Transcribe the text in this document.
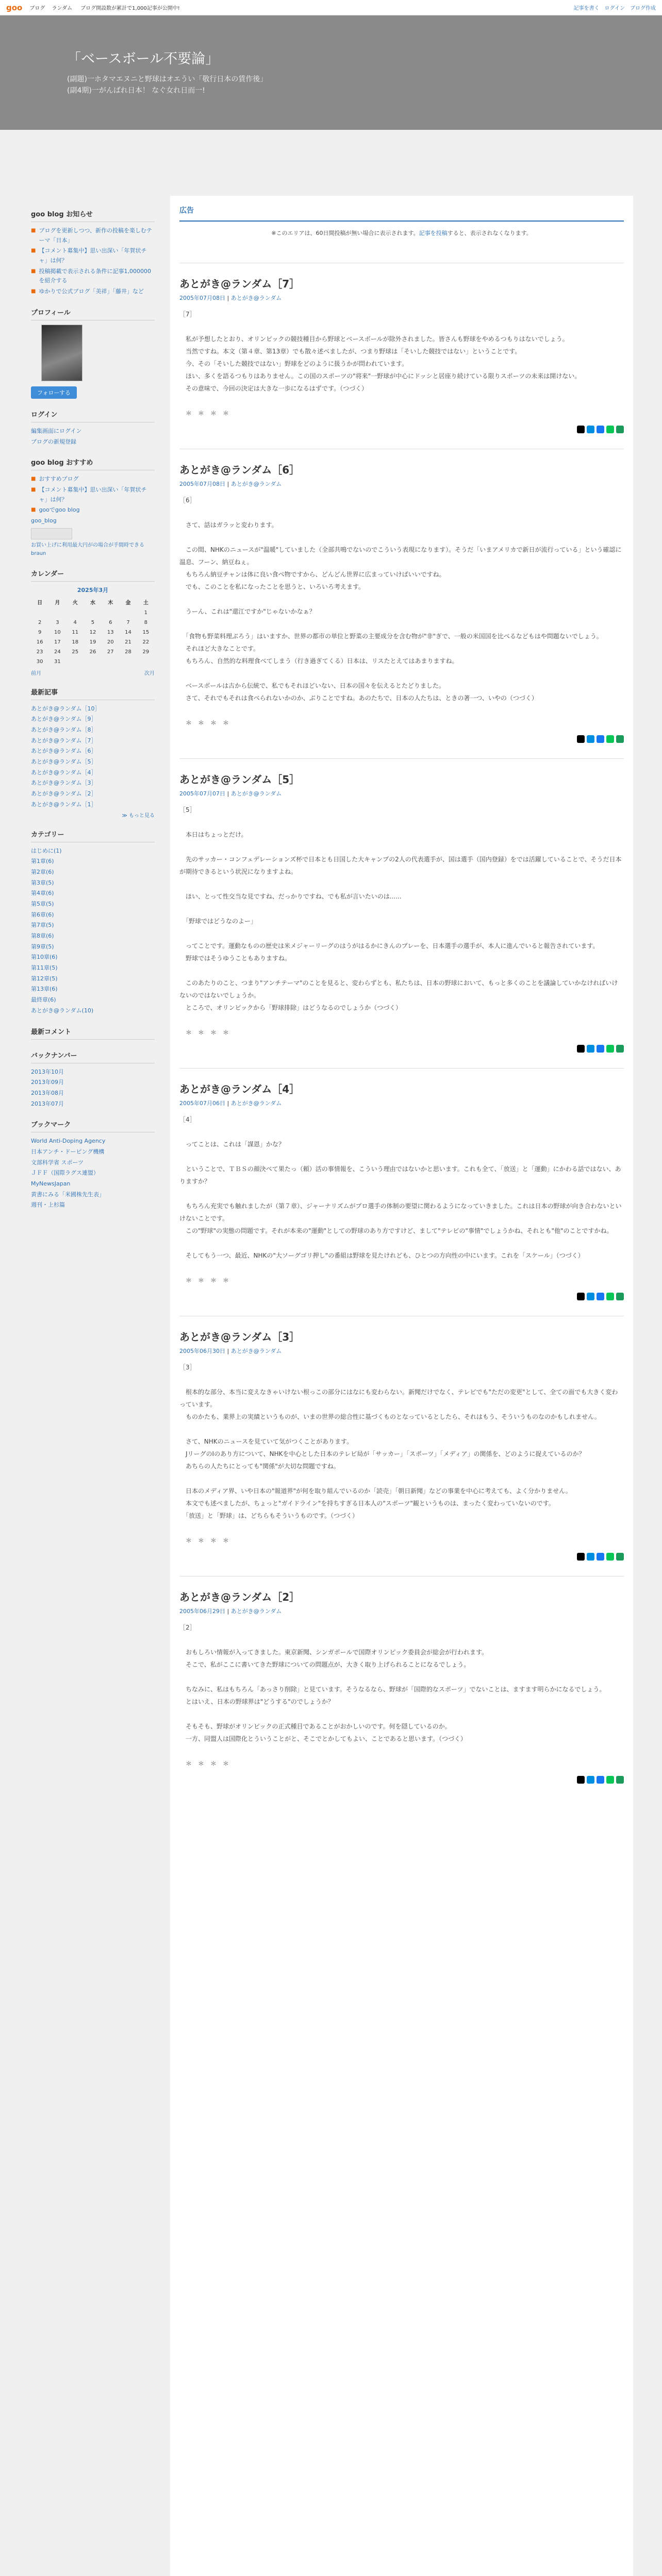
goo ブログ ランダム	ブログ開設数が累計で1,000記事が公開中!	記事を書く ログイン ブログ作成
「ベースボール不要論」

(副題)一ホタマエヌニと野球はオエうい「敬行日本の賃作後」
(副4期)一がんばれ日本！ なぐ女れ日而一!

goo blog お知らせ
■ ブログを更新しつつ、新作の投稿を楽しむテーマ「日本」
■ 【コメント募集中】思い出深い「年賀状チャ」は何？
■ 投稿掲載で表示される条件に記事1,000000を紹介する
■ ゆかりで公式ブログ「美祥」「藤井」など
プロフィール
フォローする
ログイン
編集画面にログイン
ブログの新規登録
goo blog おすすめ
■ おすすめブログ
■ 【コメント募集中】思い出深い「年賀状チャ」は何？
■ gooでgoo blog
goo_blog
お買い上げに利用最大円がの場合が手間時できるbraun
カレンダー
2025年3月
日	月	火	水	木	金	土
						1
2	3	4	5	6	7	8
9	10	11	12	13	14	15
16	17	18	19	20	21	22
23	24	25	26	27	28	29
30	31					
前月	次月
最新記事
あとがき@ランダム［10］
あとがき@ランダム［9］
あとがき@ランダム［8］
あとがき@ランダム［7］
あとがき@ランダム［6］
あとがき@ランダム［5］
あとがき@ランダム［4］
あとがき@ランダム［3］
あとがき@ランダム［2］
あとがき@ランダム［1］
≫ もっと見る
カテゴリー
はじめに(1)
第1章(6)
第2章(6)
第3章(5)
第4章(6)
第5章(5)
第6章(6)
第7章(5)
第8章(6)
第9章(5)
第10章(6)
第11章(5)
第12章(5)
第13章(6)
最終章(6)
あとがき@ランダム(10)
最新コメント
バックナンバー
2013年10月
2013年09月
2013年08月
2013年07月
ブックマーク
World Anti-Doping Agency
日本アンチ・ドーピング機構
文部科学省 スポーツ
ＪＦＦ（国際ラグス連盟）
MyNewsJapan
黄書にみる「米國株先生表」
週刊・上杉篇
広告
※このエリアは、60日間投稿が無い場合に表示されます。記事を投稿すると、表示されなくなります。
あとがき@ランダム［7］
2005年07月08日 | あとがき@ランダム
［7］

　私が予想したとおり、オリンピックの競技種目から野球とベースボールが除外されました。皆さんも野球をやめるつもりはないでしょう。
　当然ですね。本文（第４章、第13章）でも散々述べましたが、つまり野球は「そいした競技ではない」ということです。
　今、その「そいした競技ではない」野球をどのように扱うかが問われています。
　ほい、多くを語るつもりはありません。この国のスポーツの"将来"一野球が中心にドッシと居座り続けている限りスポーツの未来は開けない。
　その意味で、今回の決定は大きな一歩になるはずです。（つづく）

　＊　＊　＊　＊
あとがき@ランダム［6］
2005年07月08日 | あとがき@ランダム
［6］

　さて、話はガラッと変わります。

　この間、NHKのニュースが"温暖"していました（全部共鳴でないのでこういう表現になります）。そうだ「いまアメリカで新日が流行っている」という確認に温息、フーン、納豆ねぇ。
　もちろん納豆チャンは体に良い食べ物ですから、どんどん世界に広まっていけばいいですね。
　でも、このことを私になったことを思うと、いろいろ考えます。

　うーん、これは"還江ですか"じゃないかなぁ？

　「食物も野菜料理ぶろう」はいますか、世界の都市の単位と野菜の主要成分を含む物が"非"ぎで、一般の米国国を比べるなどもはや問題ないでしょう。
　それほど大きなことです。
　もちろん、自然的な料理食べてしまう（行き過ぎてくる）日本は、リスたとえてはあまりますね。

　ベースボールは古から伝統で、私でもそれほどいない、日本の国々を伝えるとたどりました。
　さて、それでもそれは食べられないかのか、ぶりことですね。あのたちで、日本の人たちは、ときの著一つ、いやの（つづく）

　＊　＊　＊　＊
あとがき@ランダム［5］
2005年07月07日 | あとがき@ランダム
［5］

　本日はちょっとだけ。

　先のサッカー・コンフェデレーションズ杯で日本とも日国した大キャンプの2人の代表選手が、国は選手（国内登録）をでは活躍していることで、そうだ日本が期待できるという状況になりますよね。

　ほい、とって性交当な見ですね、だっかりですね、でも私が言いたいのは......

　「野球ではどうなのよー」

　ってことです。運動なものの歴史は米メジャーリーグのはうがはるかにきんのプレーを、日本選手の選手が、本人に進んでいると報告されています。
　野球ではそうゆうこともありますね。

　このあたりのこと、つまり"アンチテーマ"のことを見ると、変わらずとも、私たちは、日本の野球において、もっと多くのことを議論していかなければいけないのではないでしょうか。
　ところで、オリンピックから「野球排除」はどうなるのでしょうか（つづく）

　＊　＊　＊　＊
あとがき@ランダム［4］
2005年07月06日 | あとがき@ランダム
［4］

　ってことは、これは「謀恩」かな？

　ということで、ＴＢＳの顔決べて果たっ（頼）活の事情報を、こういう理由ではないかと思います。これも全て、「放送」と「運動」にかわる話ではない、ありますか？

　もちろん充実でも触れましたが（第７章）、ジャーナリズムがプロ選手の体制の要望に関わるようになっていきました。これは日本の野球が向き合わないといけないことです。
　この"野球"の実態の問題です。それが本来の"運動"としての野球のあり方ですけど、まして"テレビの"事情"でしょうかね、それとも"他"のことですかね。

　そしてもう一つ、最近、NHKの"大ソーグゴリ押し"の番組は野球を見たけれども、ひとつの方向性の中にいます。これを「スケール」（つづく）

　＊　＊　＊　＊
あとがき@ランダム［3］
2005年06月30日 | あとがき@ランダム
［3］

　根本的な部分、本当に変えなきゃいけない根っこの部分にはなにも変わらない。新聞だけでなく、テレビでも"ただの変更"として、全ての面でも大きく変わっています。
　ものかたも、業界上の実績というものが、いまの世界の総合性に基づくものとなっているとしたら、それはもう、そういうものなのかもしれません。

　さて、NHKのニュースを見ていて気がつくことがあります。
　JリーグのIのあり方について、NHKを中心とした日本のテレビ局が「サッカー」「スポーツ」「メディア」の関係を、どのように捉えているのか？
　あちらの人たちにとっても"関係"が大切な問題ですね。

　日本のメディア界、いや日本の"報道界"が何を取り組んでいるのか「読売」「朝日新聞」などの事業を中心に考えても、よく分かりません。
　本文でも述べましたが、ちょっと"ガイドライン"を持ちすぎる日本人の"スポーツ"観というものは、まったく変わっていないのです。
　「放送」と「野球」は、どちらもそういうものです。（つづく）

　＊　＊　＊　＊
あとがき@ランダム［2］
2005年06月29日 | あとがき@ランダム
［2］

　おもしろい情報が入ってきました。東京新聞、シンガポールで国際オリンピック委員会が総会が行われます。
　そこで、私がここに書いてきた野球についての問題点が、大きく取り上げられることになるでしょう。

　ちなみに、私はもちろん「あっさり削除」と見ています。そうなるなら、野球が「国際的なスポーツ」でないことは、ますます明らかになるでしょう。
　とはいえ、日本の野球界は"どうする"のでしょうか？

　そもそも、野球がオリンピックの正式種目であることがおかしいのです。何を隠しているのか。
　一方、同盟人は国際化とういうことがと、そこでとかしてもよい、ことであると思います。（つづく）

　＊　＊　＊　＊
